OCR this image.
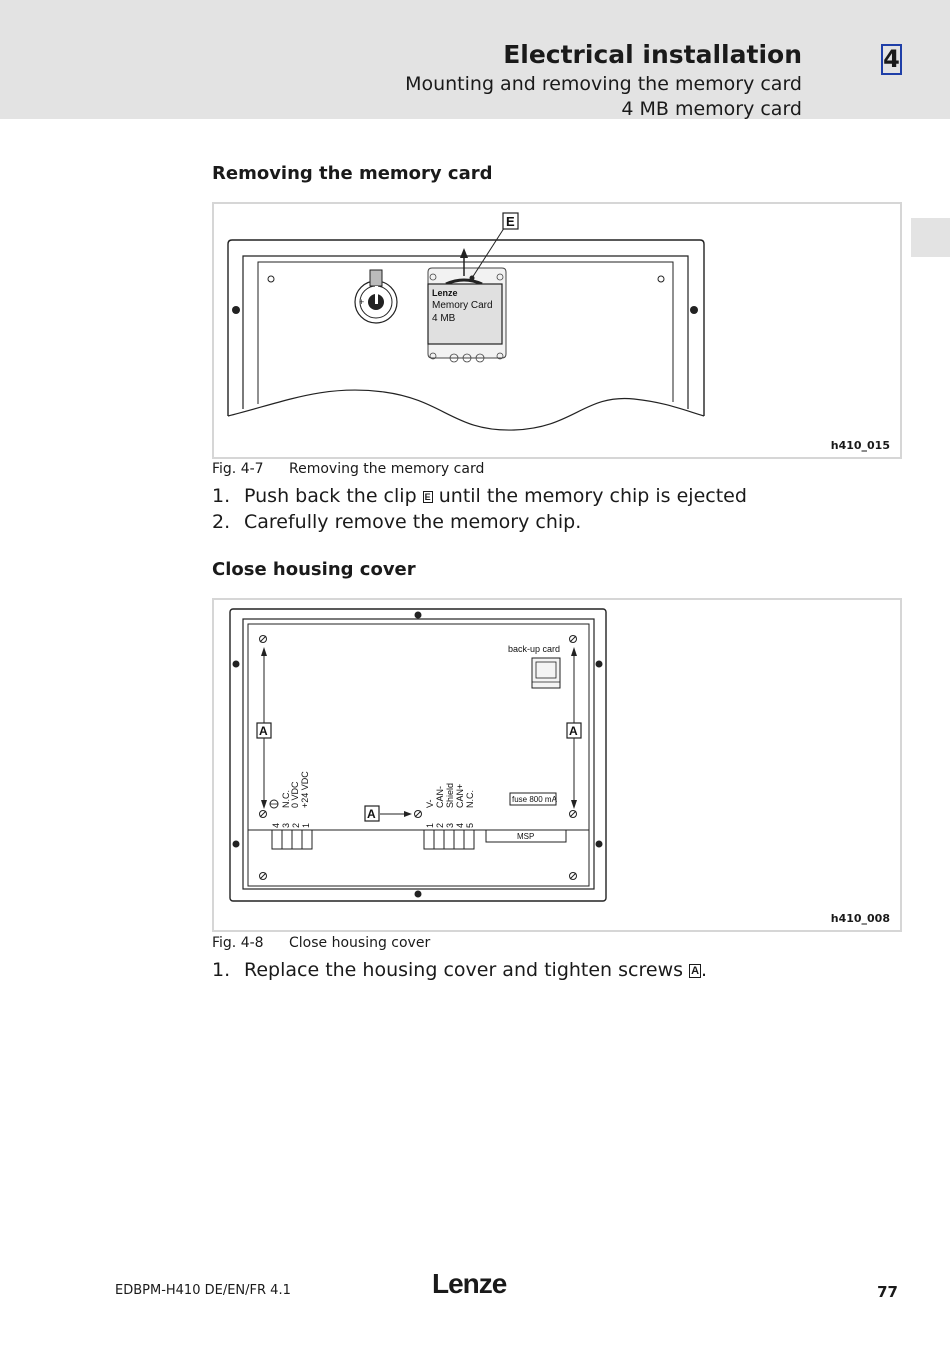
Electrical installation
Mounting and removing the memory card
4 MB memory card
4
Removing the memory card
+
Lenze
Memory Card
4 MB
E
h410_015
Fig. 4-7 Removing the memory card
1. Push back the clip E until the memory chip is ejected
2. Carefully remove the memory chip.
Close housing cover
A	A
A
back-up card
N.C. 0 VDC +24 VDC
4 3 2 1
V- CAN- Shield CAN+ N.C.
1 2 3 4 5
fuse 800 mA
MSP
h410_008
Fig. 4-8 Close housing cover
1. Replace the housing cover and tighten screws A .
EDBPM-H410 DE/EN/FR 4.1	Lenze	77
